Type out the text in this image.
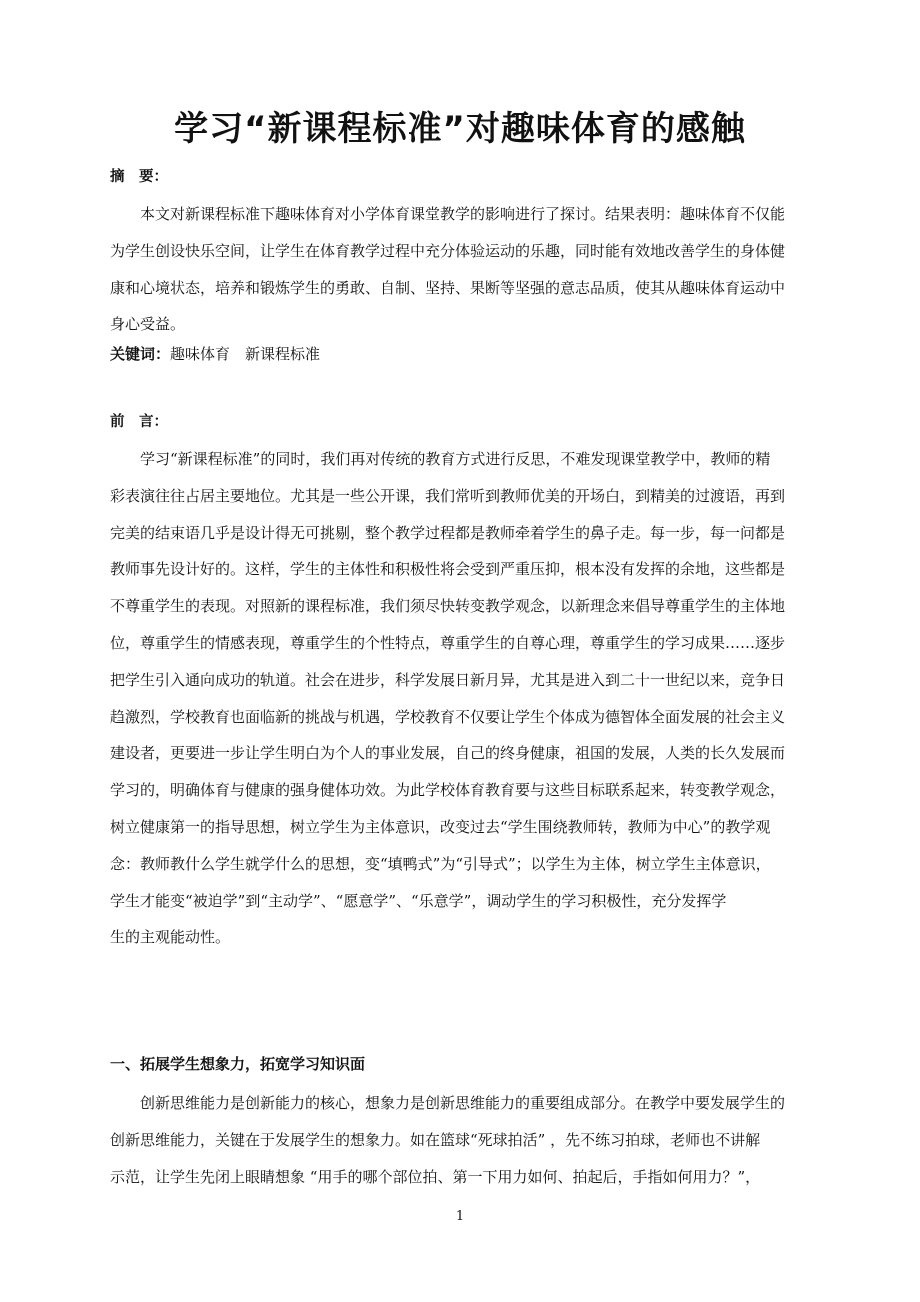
学习“新课程标准”对趣味体育的感触

摘　要：

　　本文对新课程标准下趣味体育对小学体育课堂教学的影响进行了探讨。结果表明：趣味体育不仅能
为学生创设快乐空间，让学生在体育教学过程中充分体验运动的乐趣，同时能有效地改善学生的身体健
康和心境状态，培养和锻炼学生的勇敢、自制、坚持、果断等坚强的意志品质，使其从趣味体育运动中
身心受益。

关键词：趣味体育　新课程标准

前　言：

　　学习“新课程标准”的同时，我们再对传统的教育方式进行反思，不难发现课堂教学中，教师的精
彩表演往往占居主要地位。尤其是一些公开课，我们常听到教师优美的开场白，到精美的过渡语，再到
完美的结束语几乎是设计得无可挑剔，整个教学过程都是教师牵着学生的鼻子走。每一步，每一问都是
教师事先设计好的。这样，学生的主体性和积极性将会受到严重压抑，根本没有发挥的余地，这些都是
不尊重学生的表现。对照新的课程标准，我们须尽快转变教学观念，以新理念来倡导尊重学生的主体地
位，尊重学生的情感表现，尊重学生的个性特点，尊重学生的自尊心理，尊重学生的学习成果……逐步
把学生引入通向成功的轨道。社会在进步，科学发展日新月异，尤其是进入到二十一世纪以来，竞争日
趋激烈，学校教育也面临新的挑战与机遇，学校教育不仅要让学生个体成为德智体全面发展的社会主义
建设者，更要进一步让学生明白为个人的事业发展，自己的终身健康，祖国的发展，人类的长久发展而
学习的，明确体育与健康的强身健体功效。为此学校体育教育要与这些目标联系起来，转变教学观念，
树立健康第一的指导思想，树立学生为主体意识，改变过去“学生围绕教师转，教师为中心”的教学观
念：教师教什么学生就学什么的思想，变“填鸭式”为“引导式”；以学生为主体，树立学生主体意识，
学生才能变“被迫学”到“主动学”、“愿意学”、“乐意学”，调动学生的学习积极性，充分发挥学
生的主观能动性。

一、拓展学生想象力，拓宽学习知识面

　　创新思维能力是创新能力的核心，想象力是创新思维能力的重要组成部分。在教学中要发展学生的
创新思维能力，关键在于发展学生的想象力。如在篮球“死球拍活” ，先不练习拍球，老师也不讲解
示范，让学生先闭上眼睛想象 “用手的哪个部位拍、第一下用力如何、拍起后，手指如何用力？”，
1
